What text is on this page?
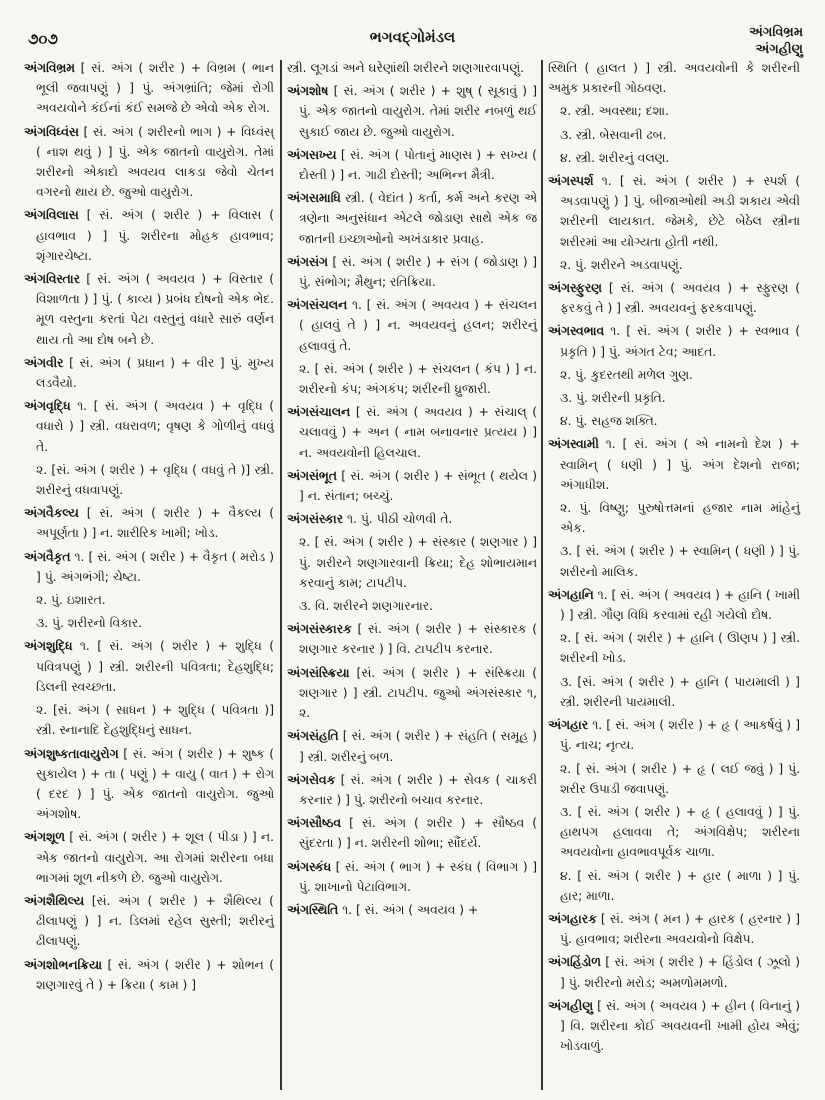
૭૦૭	ભગવદ્ગોમંડલ	અંગવિભ્રમ
અંગહીણુ

અંગવિભ્રમ [ સં. અંગ ( શરીર ) + વિભ્રમ ( ભાન ભૂલી જવાપણું ) ] પું. અંગભ્રાંતિ; જેમાં રોગી અવયવોને કંઈનાં કંઈ સમજે છે એવો એક રોગ.

અંગવિધ્વંસ [ સં. અંગ ( શરીરનો ભાગ ) + વિધ્વંસ્ ( નાશ થવું ) ] પું. એક જાતનો વાયુરોગ. તેમાં શરીરનો એકાદો અવયવ લાકડા જેવો ચેતન વગરનો થાય છે. જુઓ વાયુરોગ.

અંગવિલાસ [ સં. અંગ ( શરીર ) + વિલાસ ( હાવભાવ ) ] પું. શરીરના મોહક હાવભાવ; શૃંગારચેષ્ટા.

અંગવિસ્તાર [ સં. અંગ ( અવયવ ) + વિસ્તાર ( વિશાળતા ) ] પું. ( કાવ્ય ) પ્રબંધ દોષનો એક ભેદ. મૂળ વસ્તુના કરતાં પેટા વસ્તુનું વધારે સારું વર્ણન થાય તો આ દોષ બને છે.

અંગવીર [ સં. અંગ ( પ્રધાન ) + વીર ] પું. મુખ્ય લડવૈયો.

અંગવૃદ્ધિ ૧. [ સં. અંગ ( અવયવ ) + વૃદ્ધિ ( વધારો ) ] સ્ત્રી. વધરાવળ; વૃષણ કે ગોળીનું વધવું તે.

૨. [સં. અંગ ( શરીર ) + વૃદ્ધિ ( વધવું તે )] સ્ત્રી. શરીરનું વધવાપણું.

અંગવૈકલ્ય [ સં. અંગ ( શરીર ) + વૈકલ્ય ( અપૂર્ણતા ) ] ન. શારીરિક ખામી; ખોડ.

અંગવૈકૃત ૧. [ સં. અંગ ( શરીર ) + વૈકૃત ( મરોડ ) ] પું. અંગભંગી; ચેષ્ટા.

૨. પું. ઇશારત.

૩. પું. શરીરનો વિકાર.

અંગશુદ્ધિ ૧. [ સં. અંગ ( શરીર ) + શુદ્ધિ ( પવિત્રપણું ) ] સ્ત્રી. શરીરની પવિત્રતા; દેહશુદ્ધિ; ડિલની સ્વચ્છતા.

૨. [સં. અંગ ( સાધન ) + શુદ્ધિ ( પવિત્રતા )] સ્ત્રી. સ્નાનાદિ દેહશુદ્ધિનું સાધન.

અંગશુષ્કતાવાયુરોગ [ સં. અંગ ( શરીર ) + શુષ્ક ( સુકાયેલ ) + તા ( પણું ) + વાયુ ( વાત ) + રોગ ( દરદ ) ] પું. એક જાતનો વાયુરોગ. જુઓ અંગશોષ.

અંગશૂળ [ સં. અંગ ( શરીર ) + શૂલ ( પીડા ) ] ન. એક જાતનો વાયુરોગ. આ રોગમાં શરીરના બધા ભાગમાં શૂળ નીકળે છે. જુઓ વાયુરોગ.

અંગશૈથિલ્ય [સં. અંગ ( શરીર ) + શૈથિલ્ય ( ઢીલાપણું ) ] ન. ડિલમાં રહેલ સુસ્તી; શરીરનું ઢીલાપણું.

અંગશોભનક્રિયા [ સં. અંગ ( શરીર ) + શોભન ( શણગારવું તે ) + ક્રિયા ( કામ ) ]

સ્ત્રી. લૂગડાં અને ઘરેણાંથી શરીરને શણગારવાપણું.

અંગશોષ [ સં. અંગ ( શરીર ) + શુષ્ ( સૂકાવું ) ] પું. એક જાતનો વાયુરોગ. તેમાં શરીર નબળું થઈ સુકાઈ જાય છે. જુઓ વાયુરોગ.

અંગસખ્ય [ સં. અંગ ( પોતાનું માણસ ) + સખ્ય ( દોસ્તી ) ] ન. ગાઢી દોસ્તી; અભિન્ન મૈત્રી.

અંગસમાધિ સ્ત્રી. ( વેદાંત ) કર્તા, કર્મ અને કરણ એ ત્રણેના અનુસંધાન એટલે જોડાણ સાથે એક જ જાતની ઇચ્છાઓનો અખંડાકાર પ્રવાહ.

અંગસંગ [ સં. અંગ ( શરીર ) + સંગ ( જોડાણ ) ] પું. સંભોગ; મૈથુન; રતિક્રિયા.

અંગસંચલન ૧. [ સં. અંગ ( અવયવ ) + સંચલન ( હાલવું તે ) ] ન. અવયવનું હલન; શરીરનું હલાવવું તે.

૨. [ સં. અંગ ( શરીર ) + સંચલન ( કંપ ) ] ન. શરીરનો કંપ; અંગકંપ; શરીરની ધ્રુજારી.

અંગસંચાલન [ સં. અંગ ( અવયવ ) + સંચાલ્ ( ચલાવવું ) + અન ( નામ બનાવનાર પ્રત્યય ) ] ન. અવયવોની હિલચાલ.

અંગસંભૂત [ સં. અંગ ( શરીર ) + સંભૂત ( થયેલ ) ] ન. સંતાન; બચ્ચું.

અંગસંસ્કાર ૧. પું. પીઠી ચોળવી તે.

૨. [ સં. અંગ ( શરીર ) + સંસ્કાર ( શણગાર ) ] પું. શરીરને શણગારવાની ક્રિયા; દેહ શોભાયમાન કરવાનું કામ; ટાપટીપ.

૩. વિ. શરીરને શણગારનાર.

અંગસંસ્કારક [ સં. અંગ ( શરીર ) + સંસ્કારક ( શણગાર કરનાર ) ] વિ. ટાપટીપ કરનાર.

અંગસંસ્ક્રિયા [સં. અંગ ( શરીર ) + સંસ્ક્રિયા ( શણગાર ) ] સ્ત્રી. ટાપટીપ. જુઓ અંગસંસ્કાર ૧, ૨.

અંગસંહતિ [ સં. અંગ ( શરીર ) + સંહતિ ( સમૂહ ) ] સ્ત્રી. શરીરનું બળ.

અંગસેવક [ સં. અંગ ( શરીર ) + સેવક ( ચાકરી કરનાર ) ] પું. શરીરનો બચાવ કરનાર.

અંગસૌષ્ઠવ [ સં. અંગ ( શરીર ) + સૌષ્ઠવ ( સુંદરતા ) ] ન. શરીરની શોભા; સૌંદર્ય.

અંગસ્કંધ [ સં. અંગ ( ભાગ ) + સ્કંધ ( વિભાગ ) ] પું. શાખાનો પેટાવિભાગ.

અંગસ્થિતિ ૧. [ સં. અંગ ( અવયવ ) +

સ્થિતિ ( હાલત ) ] સ્ત્રી. અવયવોની કે શરીરની અમુક પ્રકારની ગોઠવણ.

૨. સ્ત્રી. અવસ્થા; દશા.

૩. સ્ત્રી. બેસવાની ઢબ.

૪. સ્ત્રી. શરીરનું વલણ.

અંગસ્પર્શ ૧. [ સં. અંગ ( શરીર ) + સ્પર્શ ( અડવાપણું ) ] પું. બીજાઓથી અડી શકાય એવી શરીરની લાયકાત. જેમકે, છેટે બેઠેલ સ્ત્રીના શરીરમાં આ યોગ્યતા હોતી નથી.

૨. પું. શરીરને અડવાપણું.

અંગસ્ફુરણ [ સં. અંગ ( અવયવ ) + સ્ફુરણ ( ફરકવું તે ) ] સ્ત્રી. અવયવનું ફરકવાપણું.

અંગસ્વભાવ ૧. [ સં. અંગ ( શરીર ) + સ્વભાવ ( પ્રકૃતિ ) ] પું. અંગત ટેવ; આદત.

૨. પું. કુદરતથી મળેલ ગુણ.

૩. પું. શરીરની પ્રકૃતિ.

૪. પું. સહજ શક્તિ.

અંગસ્વામી ૧. [ સં. અંગ ( એ નામનો દેશ ) + સ્વામિન્ ( ધણી ) ] પું. અંગ દેશનો રાજા; અંગાધીશ.

૨. પું. વિષ્ણુ; પુરુષોત્તમનાં હજાર નામ માંહેનું એક.

૩. [ સં. અંગ ( શરીર ) + સ્વામિન્ ( ધણી ) ] પું. શરીરનો માલિક.

અંગહાનિ ૧. [ સં. અંગ ( અવયવ ) + હાનિ ( ખામી ) ] સ્ત્રી. ગૌણ વિધિ કરવામાં રહી ગયેલો દોષ.

૨. [ સં. અંગ ( શરીર ) + હાનિ ( ઊણપ ) ] સ્ત્રી. શરીરની ખોડ.

૩. [સં. અંગ ( શરીર ) + હાનિ ( પાયમાલી ) ] સ્ત્રી. શરીરની પાયમાલી.

અંગહાર ૧. [ સં. અંગ ( શરીર ) + હૃ ( આકર્ષવું ) ] પું. નાચ; નૃત્ય.

૨. [ સં. અંગ ( શરીર ) + હૃ ( લઈ જવું ) ] પું. શરીર ઉપાડી જવાપણું.

૩. [ સં. અંગ ( શરીર ) + હૃ ( હલાવવું ) ] પું. હાથપગ હલાવવા તે; અંગવિક્ષેપ; શરીરના અવયવોના હાવભાવપૂર્વક ચાળા.

૪. [ સં. અંગ ( શરીર ) + હાર ( માળા ) ] પું. હાર; માળા.

અંગહારક [ સં. અંગ ( મન ) + હારક ( હરનાર ) ] પું. હાવભાવ; શરીરના અવયવોનો વિક્ષેપ.

અંગહિંડોળ [ સં. અંગ ( શરીર ) + હિંડોલ ( ઝૂલો ) ] પું. શરીરનો મરોડ; અમળોમમળો.

અંગહીણુ [ સં. અંગ ( અવયવ ) + હીન ( વિનાનું ) ] વિ. શરીરના કોઈ અવયવની ખામી હોય એવું; ખોડવાળું.
